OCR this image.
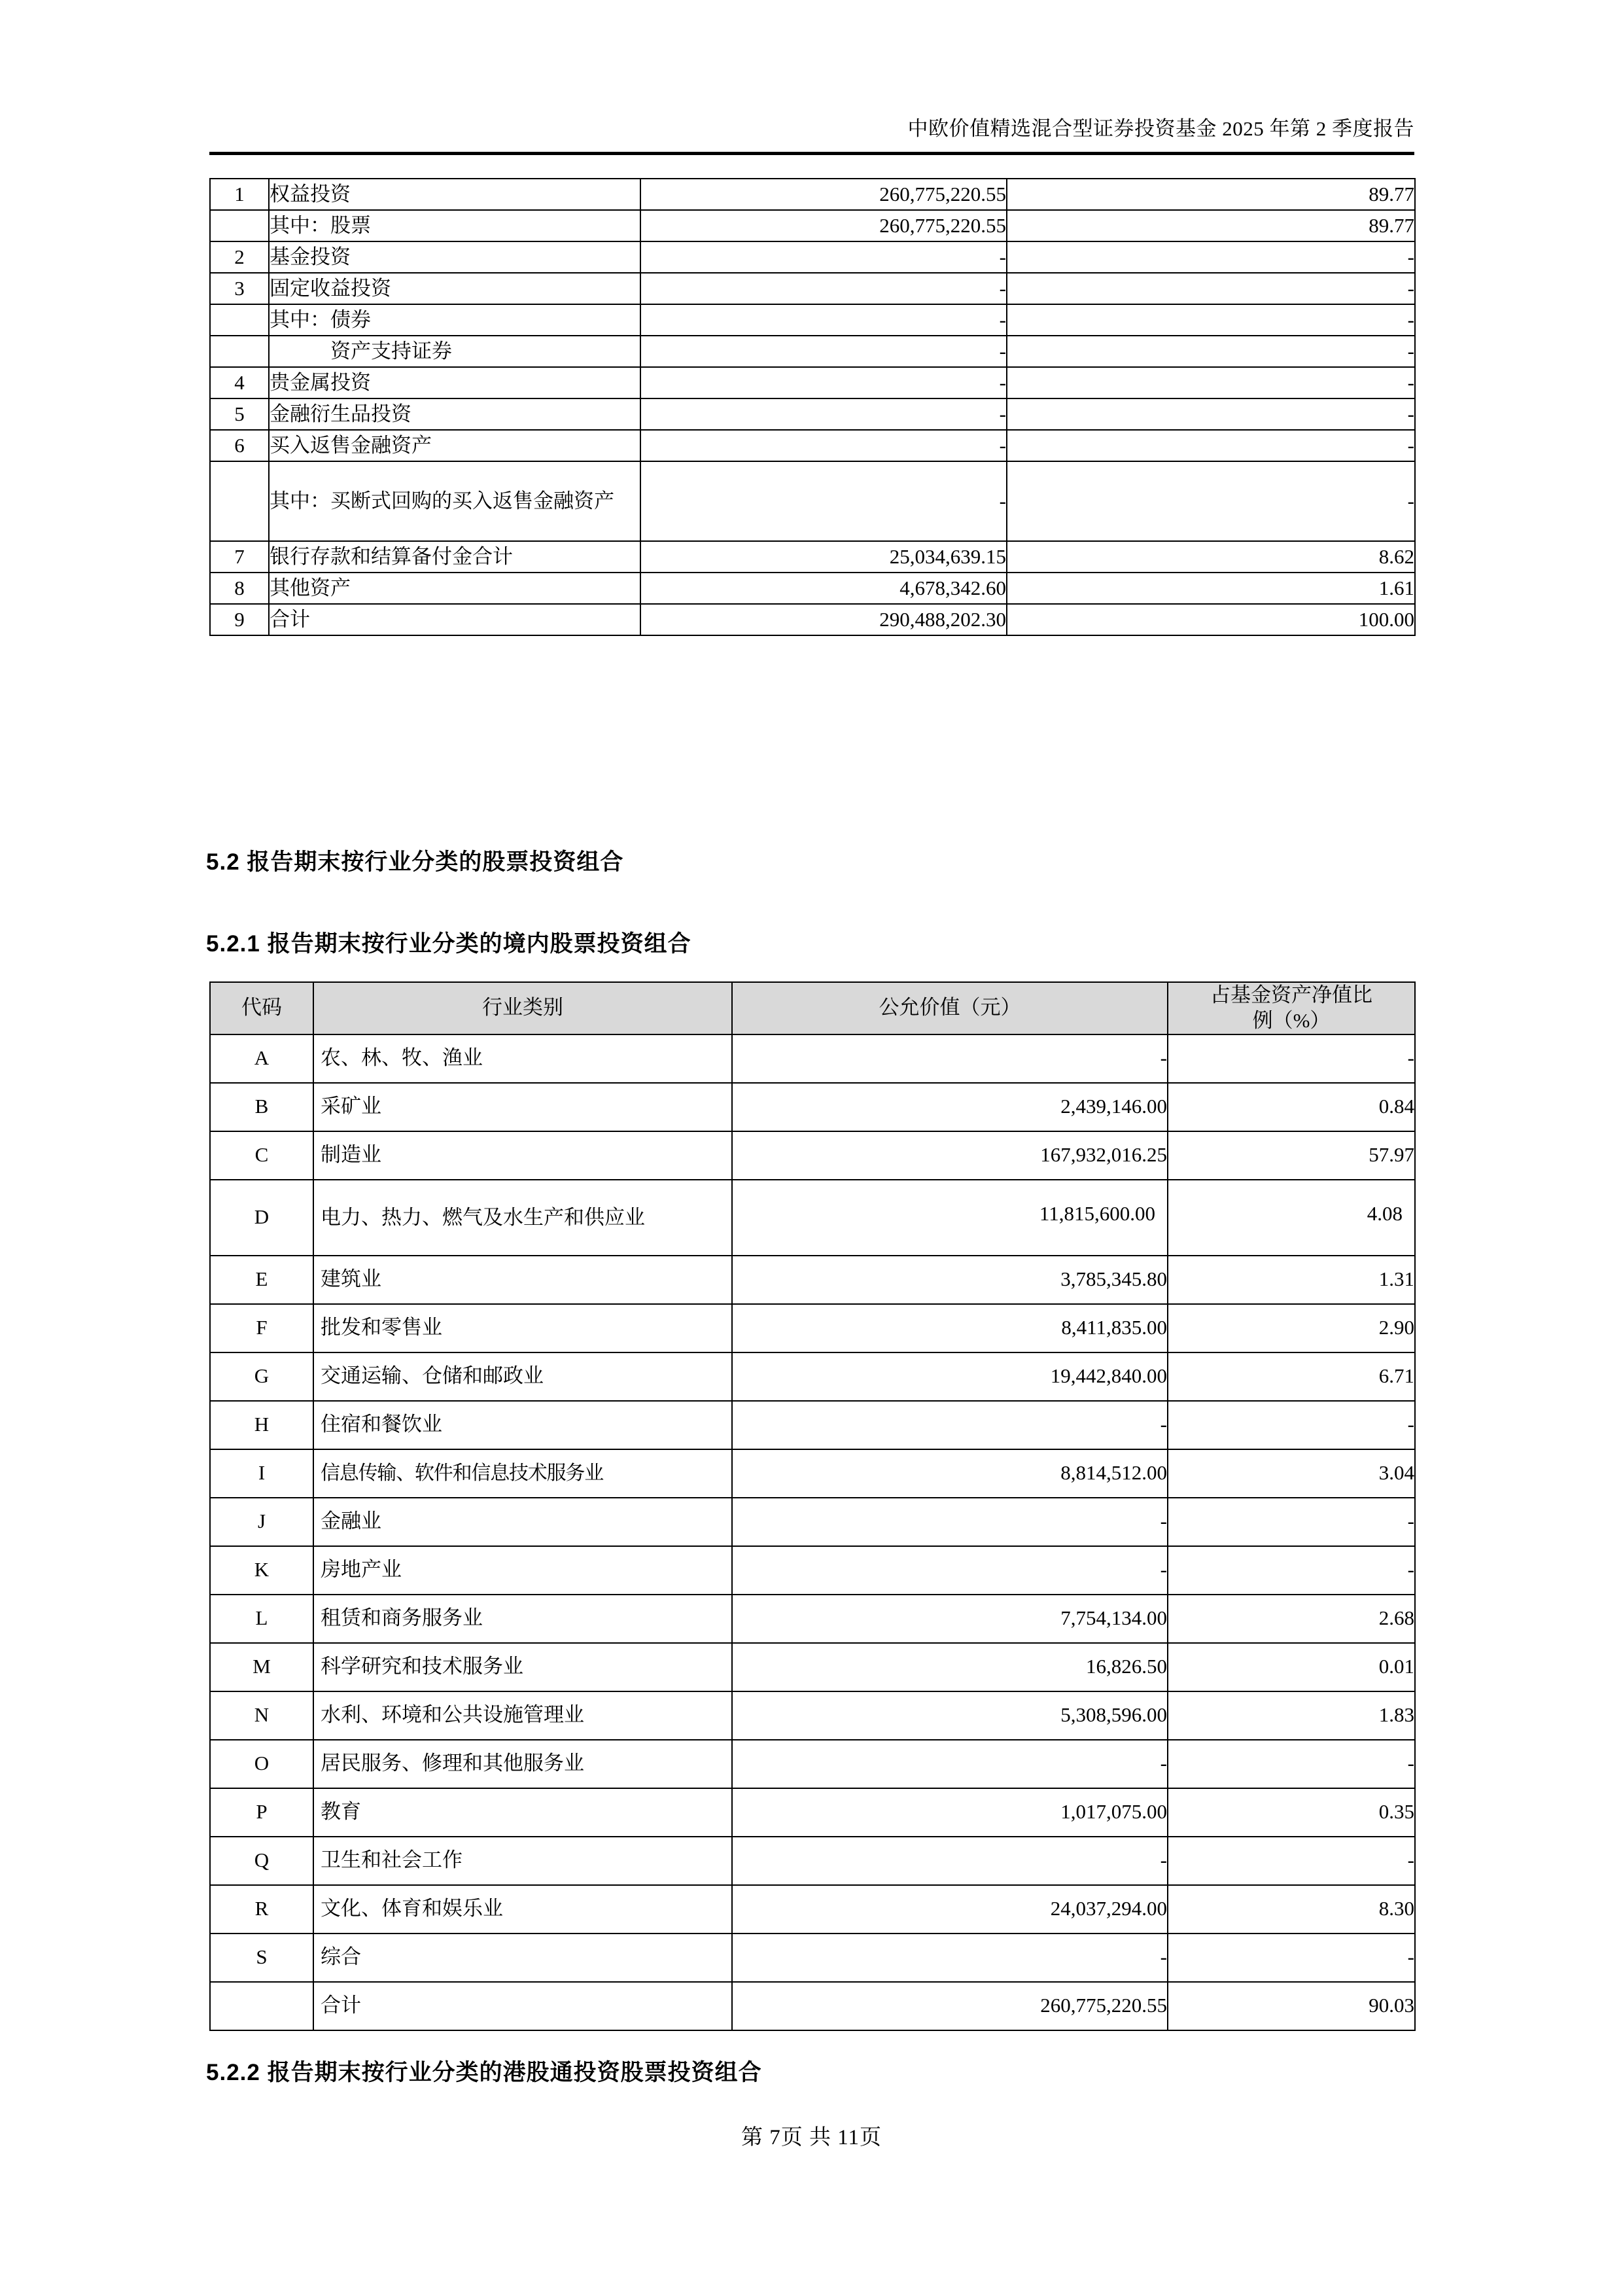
中欧价值精选混合型证券投资基金 2025 年第 2 季度报告
1	权益投资	260,775,220.55	89.77
	其中：股票	260,775,220.55	89.77
2	基金投资	-	-
3	固定收益投资	-	-
	其中：债券	-	-
	　　　资产支持证券	-	-
4	贵金属投资	-	-
5	金融衍生品投资	-	-
6	买入返售金融资产	-	-
	其中：买断式回购的买入返售金融资产	-	-
7	银行存款和结算备付金合计	25,034,639.15	8.62
8	其他资产	4,678,342.60	1.61
9	合计	290,488,202.30	100.00
5.2 报告期末按行业分类的股票投资组合
5.2.1 报告期末按行业分类的境内股票投资组合
代码	行业类别	公允价值（元）	占基金资产净值比
例（%）
A	农、林、牧、渔业	-	-
B	采矿业	2,439,146.00	0.84
C	制造业	167,932,016.25	57.97
D	电力、热力、燃气及水生产和供应业	11,815,600.00	4.08

E	建筑业	3,785,345.80	1.31
F	批发和零售业	8,411,835.00	2.90
G	交通运输、仓储和邮政业	19,442,840.00	6.71
H	住宿和餐饮业	-	-
I	信息传输、软件和信息技术服务业	8,814,512.00	3.04
J	金融业	-	-
K	房地产业	-	-
L	租赁和商务服务业	7,754,134.00	2.68
M	科学研究和技术服务业	16,826.50	0.01
N	水利、环境和公共设施管理业	5,308,596.00	1.83
O	居民服务、修理和其他服务业	-	-
P	教育	1,017,075.00	0.35
Q	卫生和社会工作	-	-
R	文化、体育和娱乐业	24,037,294.00	8.30
S	综合	-	-
	合计	260,775,220.55	90.03
5.2.2 报告期末按行业分类的港股通投资股票投资组合
第 7页 共 11页
